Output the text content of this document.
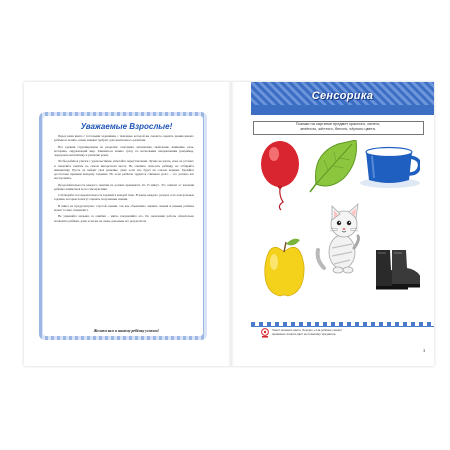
Уважаемые Взрослые!

Перед вами книга с тестовыми заданиями, с помощью которой вы сможете оценить знания вашего ребёнка и понять, какие навыки требуют дополнительного развития.

Все задания сгруппированы по разделам: сенсорика, математика, мышление, внимание, речь, моторика, окружающий мир. Заниматься можно сразу по нескольким направлениям (например, чередовать математику и развитие речи).

Чтобы ребёнок учился с удовольствием, избегайте переутомления. Лучше не ждать, пока он устанет, и закончить занятие на самом интересном месте. Не спешите помогать ребёнку, не отбирайте инициативу. Пусть он найдёт своё решение, даже если оно будет не совсем верным. Уделяйте достаточно времени каждому заданию. Но если ребёнок трудится слишком долго – это должно вас насторожить.

Продолжительность каждого занятия не должна превышать 10–15 минут. Это зависит от желания ребёнка заниматься и его самочувствия.

Соблюдайте последовательность заданий в каждой теме. В конце каждого раздела есть контрольные задания, которые помогут оценить полученные знания.

В книге не предусмотрено строгой оценки, так как объективно оценить знания и навыки ребёнка может только специалист.

Не упрекайте малыша за ошибки – мягко поправляйте его. По окончании работы обязательно похвалите ребёнка, даже если вы не очень довольны его результатом.

Желаем вам и вашему ребёнку успехов!
Сенсорика
Покажи на картинке предмет красного, синего,
зелёного, жёлтого, белого, чёрного цвета.
Умеет называть цвета. Хорошо, если ребёнок сможет
правильно назвать цвет на бо́льшему предметов.
3
